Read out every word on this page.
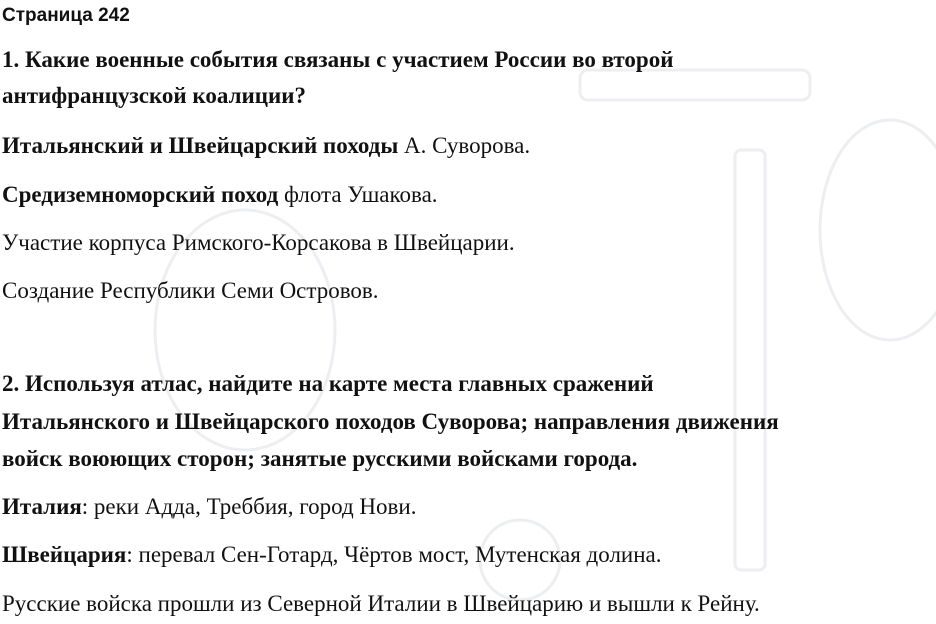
Страница 242
1. Какие военные события связаны с участием России во второй
антифранцузской коалиции?
Итальянский и Швейцарский походы А. Суворова.
Средиземноморский поход флота Ушакова.
Участие корпуса Римского-Корсакова в Швейцарии.
Создание Республики Семи Островов.
2. Используя атлас, найдите на карте места главных сражений
Итальянского и Швейцарского походов Суворова; направления движения
войск воюющих сторон; занятые русскими войсками города.
Италия: реки Адда, Треббия, город Нови.
Швейцария: перевал Сен-Готард, Чёртов мост, Мутенская долина.
Русские войска прошли из Северной Италии в Швейцарию и вышли к Рейну.
